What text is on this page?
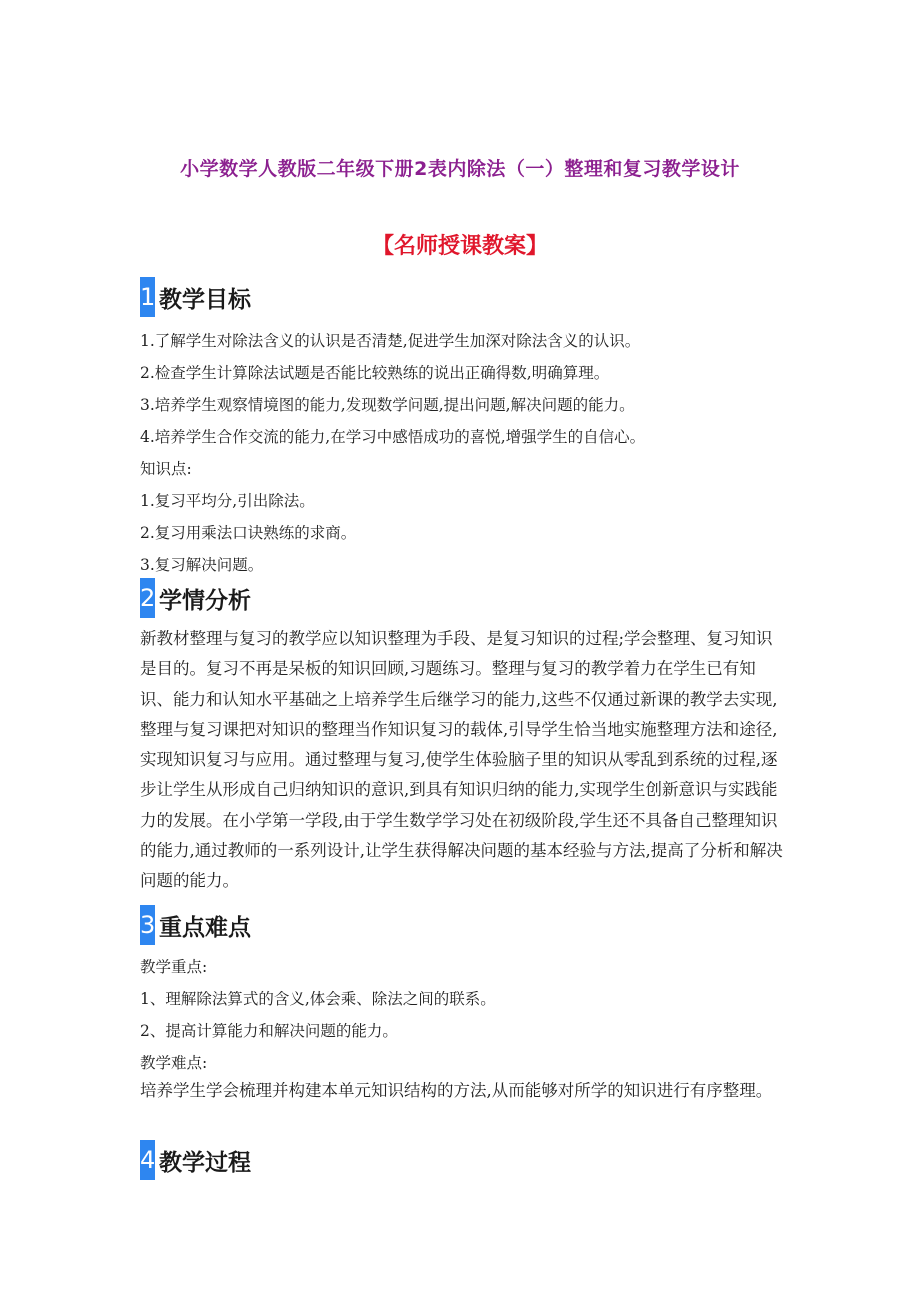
小学数学人教版二年级下册2表内除法（一）整理和复习教学设计
【名师授课教案】
1 教学目标
1.了解学生对除法含义的认识是否清楚,促进学生加深对除法含义的认识。
2.检查学生计算除法试题是否能比较熟练的说出正确得数,明确算理。
3.培养学生观察情境图的能力,发现数学问题,提出问题,解决问题的能力。
4.培养学生合作交流的能力,在学习中感悟成功的喜悦,增强学生的自信心。
知识点:
1.复习平均分,引出除法。
2.复习用乘法口诀熟练的求商。
3.复习解决问题。
2 学情分析
新教材整理与复习的教学应以知识整理为手段、是复习知识的过程;学会整理、复习知识是目的。复习不再是呆板的知识回顾,习题练习。整理与复习的教学着力在学生已有知识、能力和认知水平基础之上培养学生后继学习的能力,这些不仅通过新课的教学去实现,整理与复习课把对知识的整理当作知识复习的载体,引导学生恰当地实施整理方法和途径,实现知识复习与应用。通过整理与复习,使学生体验脑子里的知识从零乱到系统的过程,逐步让学生从形成自己归纳知识的意识,到具有知识归纳的能力,实现学生创新意识与实践能力的发展。在小学第一学段,由于学生数学学习处在初级阶段,学生还不具备自己整理知识的能力,通过教师的一系列设计,让学生获得解决问题的基本经验与方法,提高了分析和解决问题的能力。
3 重点难点
教学重点:
1、理解除法算式的含义,体会乘、除法之间的联系。
2、提高计算能力和解决问题的能力。
教学难点:
培养学生学会梳理并构建本单元知识结构的方法,从而能够对所学的知识进行有序整理。
4 教学过程
